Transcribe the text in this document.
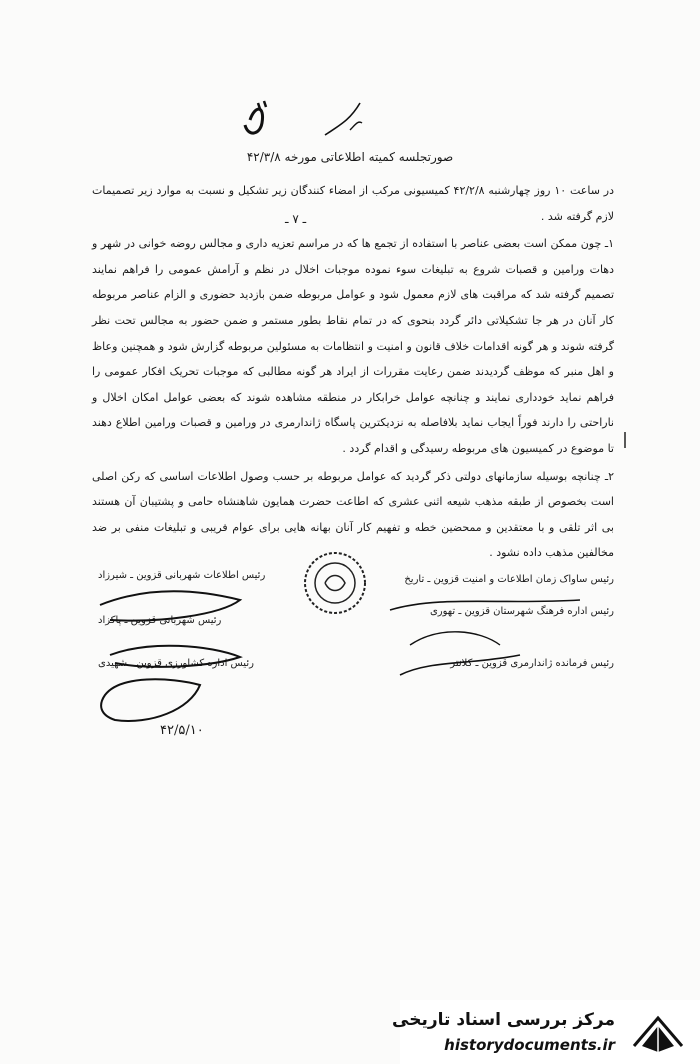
صورتجلسه کمیته اطلاعاتی مورخه ۴۲/۳/۸
ـ ۷ ـ

در ساعت ۱۰ روز چهارشنبه ۴۲/۲/۸ کمیسیونی مرکب از امضاء کنندگان زیر تشکیل و نسبت به موارد زیر تصمیمات لازم گرفته شد .

۱ـ چون ممکن است بعضی عناصر با استفاده از تجمع ها که در مراسم تعزیه داری و مجالس روضه خوانی در شهر و دهات ورامین و قصبات شروع به تبلیغات سوء نموده موجبات اخلال در نظم و آرامش عمومی را فراهم نمایند تصمیم گرفته شد که مراقبت های لازم معمول شود و عوامل مربوطه ضمن بازدید حضوری و الزام عناصر مربوطه کار آنان در هر جا تشکیلاتی دائر گردد بنحوی که در تمام نقاط بطور مستمر و ضمن حضور به مجالس تحت نظر گرفته شوند و هر گونه اقدامات خلاف قانون و امنیت و انتظامات به مسئولین مربوطه گزارش شود و همچنین وعاظ و اهل منبر که موظف گردیدند ضمن رعایت مقررات از ایراد هر گونه مطالبی که موجبات تحریک افکار عمومی را فراهم نماید خودداری نمایند و چنانچه عوامل خرابکار در منطقه مشاهده شوند که بعضی عوامل امکان اخلال و ناراحتی را دارند فوراً ایجاب نماید بلافاصله به نزدیکترین پاسگاه ژاندارمری در ورامین و قصبات ورامین اطلاع دهند تا موضوع در کمیسیون های مربوطه رسیدگی و اقدام گردد .

۲ـ چنانچه بوسیله سازمانهای دولتی ذکر گردید که عوامل مربوطه بر حسب وصول اطلاعات اساسی که رکن اصلی است بخصوص از طبقه مذهب شیعه اثنی عشری که اطاعت حضرت همایون شاهنشاه حامی و پشتیبان آن هستند بی اثر تلقی و با معتقدین و ممحضین خطه و تفهیم کار آنان بهانه هایی برای عوام فریبی و تبلیغات منفی بر ضد مخالفین مذهب داده نشود .

رئیس ساواک زمان اطلاعات و امنیت قزوین ـ تاریخ
رئیس اداره فرهنگ شهرستان قزوین ـ تهوری
رئیس اطلاعات شهربانی قزوین ـ شیرزاد
رئیس شهربانی قزوین ـ پاکزاد
رئیس فرمانده ژاندارمری قزوین ـ کلانتر
رئیس اداره کشاورزی قزوین ـ شهیدی
۴۲/۵/۱۰
مرکز بررسی اسناد تاریخی
historydocuments.ir
